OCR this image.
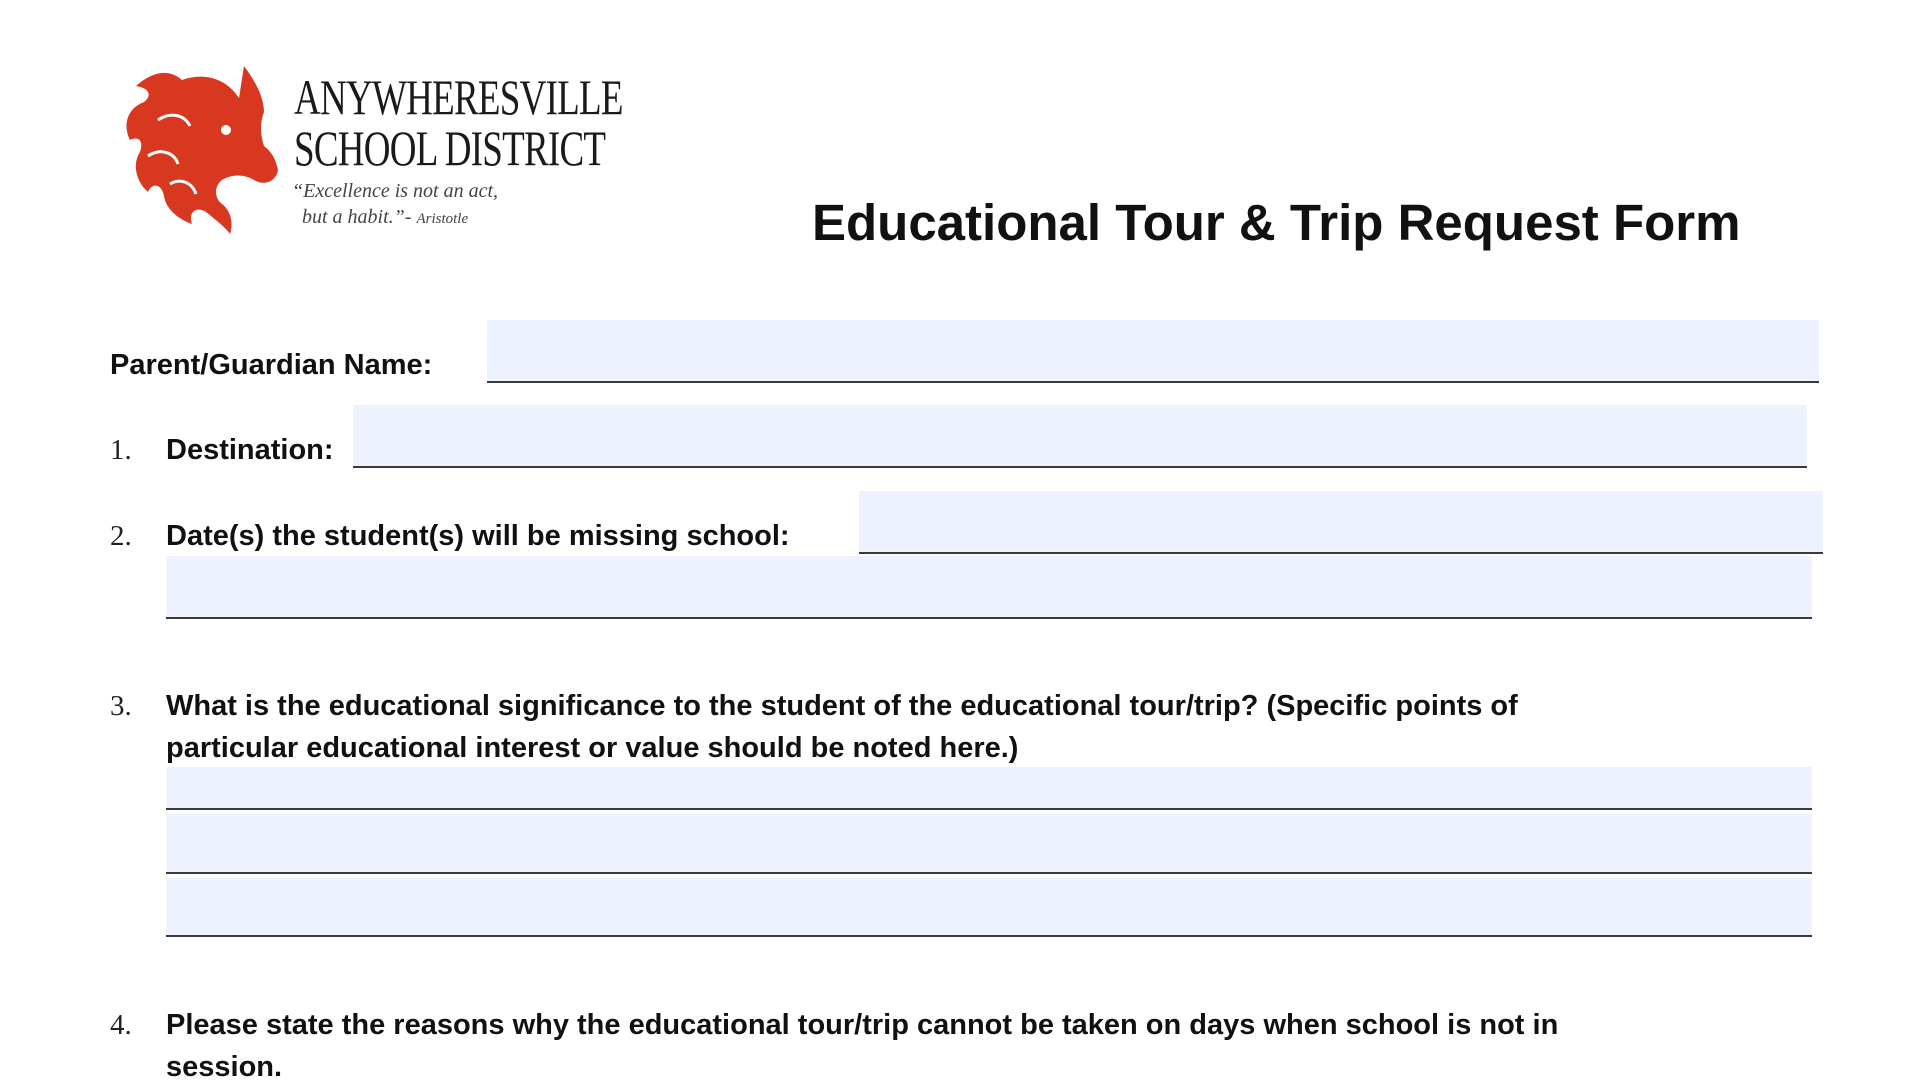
ANYWHERESVILLE
SCHOOL DISTRICT
“Excellence is not an act,
but a habit.”- Aristotle	Educational Tour & Trip Request Form
Parent/Guardian Name:
1. Destination:
2. Date(s) the student(s) will be missing school:
3. What is the educational significance to the student of the educational tour/trip? (Specific points of
particular educational interest or value should be noted here.)
4. Please state the reasons why the educational tour/trip cannot be taken on days when school is not in
session.
